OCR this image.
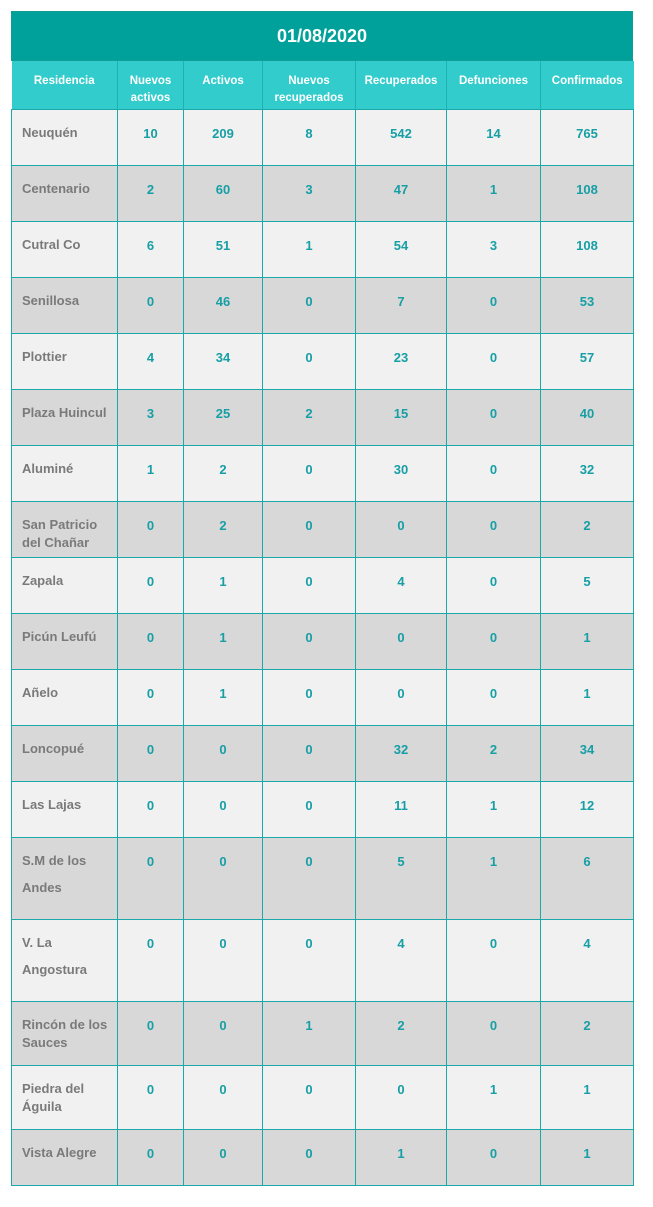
01/08/2020
Residencia	Nuevos activos	Activos	Nuevos recuperados	Recuperados	Defunciones	Confirmados
Neuquén	10	209	8	542	14	765
Centenario	2	60	3	47	1	108
Cutral Co	6	51	1	54	3	108
Senillosa	0	46	0	7	0	53
Plottier	4	34	0	23	0	57
Plaza Huincul	3	25	2	15	0	40
Aluminé	1	2	0	30	0	32
San Patricio del Chañar	0	2	0	0	0	2
Zapala	0	1	0	4	0	5
Picún Leufú	0	1	0	0	0	1
Añelo	0	1	0	0	0	1
Loncopué	0	0	0	32	2	34
Las Lajas	0	0	0	11	1	12
S.M de los Andes	0	0	0	5	1	6
V. La Angostura	0	0	0	4	0	4
Rincón de los Sauces	0	0	1	2	0	2
Piedra del Águila	0	0	0	0	1	1
Vista Alegre	0	0	0	1	0	1
